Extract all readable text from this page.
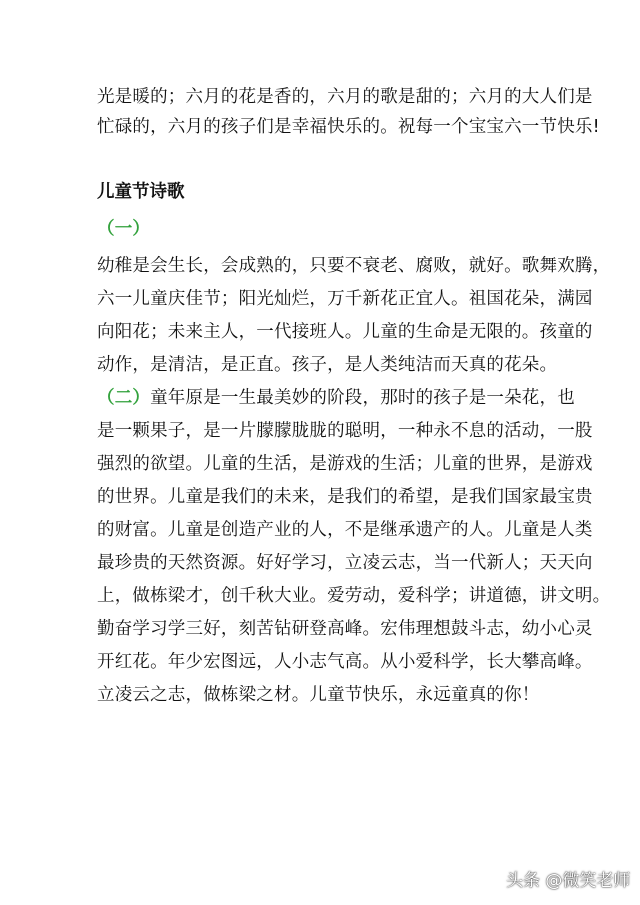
光是暖的；六月的花是香的，六月的歌是甜的；六月的大人们是
忙碌的，六月的孩子们是幸福快乐的。祝每一个宝宝六一节快乐!
儿童节诗歌
（一）
幼稚是会生长，会成熟的，只要不衰老、腐败，就好。歌舞欢腾，
六一儿童庆佳节；阳光灿烂，万千新花正宜人。祖国花朵，满园
向阳花；未来主人，一代接班人。儿童的生命是无限的。孩童的
动作，是清洁，是正直。孩子，是人类纯洁而天真的花朵。
（二）童年原是一生最美妙的阶段，那时的孩子是一朵花，也
是一颗果子，是一片朦朦胧胧的聪明，一种永不息的活动，一股
强烈的欲望。儿童的生活，是游戏的生活；儿童的世界，是游戏
的世界。儿童是我们的未来，是我们的希望，是我们国家最宝贵
的财富。儿童是创造产业的人，不是继承遗产的人。儿童是人类
最珍贵的天然资源。好好学习，立凌云志，当一代新人；天天向
上，做栋梁才，创千秋大业。爱劳动，爱科学；讲道德，讲文明。
勤奋学习学三好，刻苦钻研登高峰。宏伟理想鼓斗志，幼小心灵
开红花。年少宏图远，人小志气高。从小爱科学，长大攀高峰。
立凌云之志，做栋梁之材。儿童节快乐，永远童真的你！
头条 @微笑老师
